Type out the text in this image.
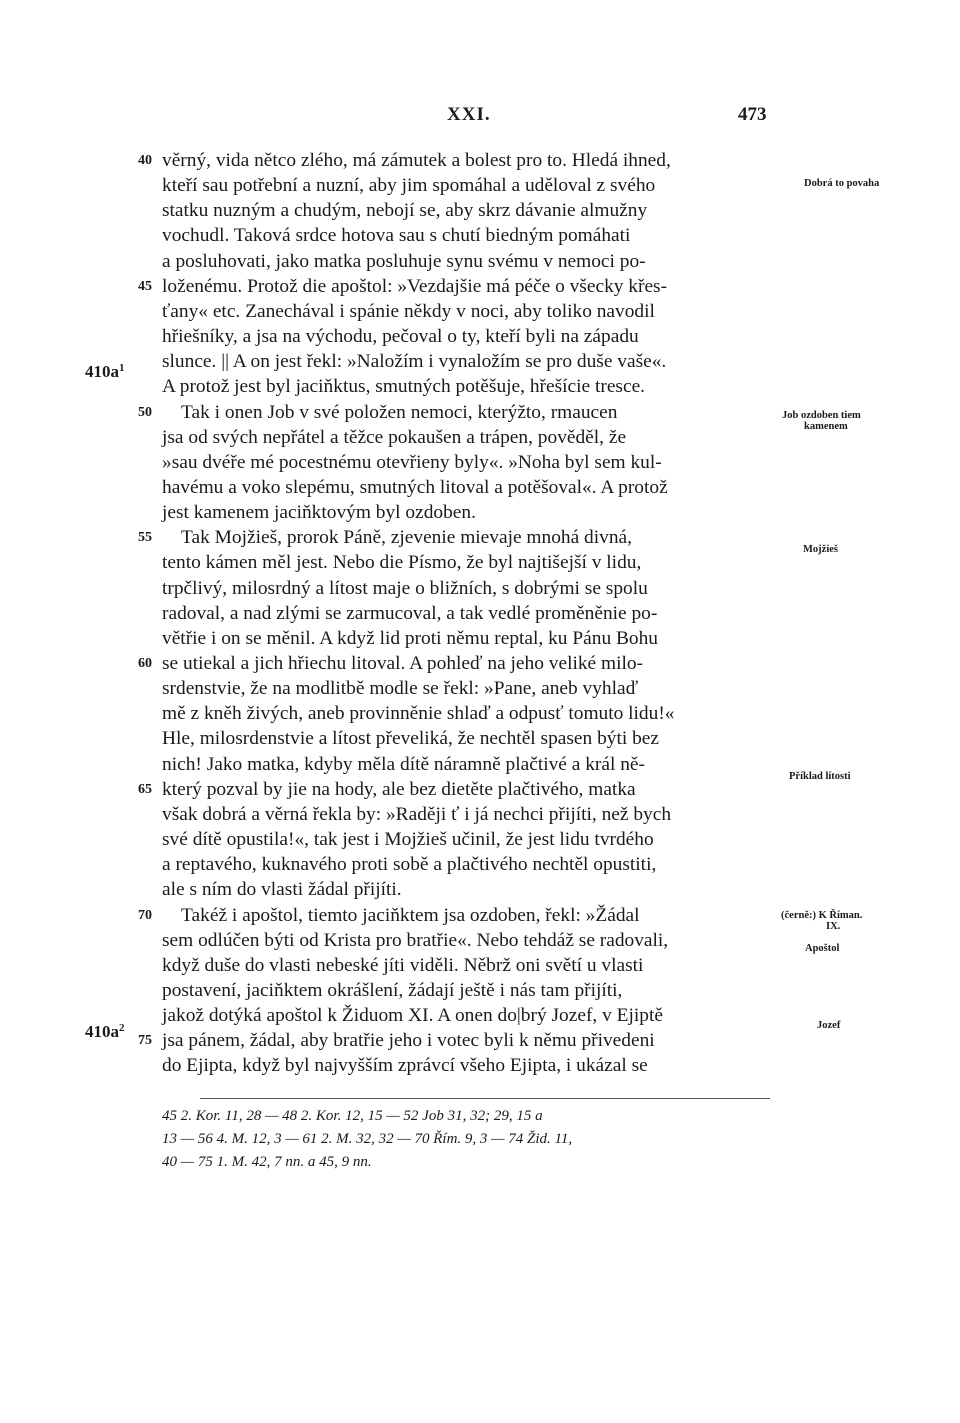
XXI.	473
věrný, vida nětco zlého, má zámutek a bolest pro to. Hledá ihned,
40
kteří sau potřební a nuzní, aby jim spomáhal a uděloval z svého
statku nuzným a chudým, nebojí se, aby skrz dávanie almužny
vochudl. Taková srdce hotova sau s chutí biedným pomáhati
a posluhovati, jako matka posluhuje synu svému v nemoci po-
loženému. Protož die apoštol: »Vezdajšie má péče o všecky křes-
45
ťany« etc. Zanechával i spánie někdy v noci, aby toliko navodil
hřiešníky, a jsa na východu, pečoval o ty, kteří byli na západu
slunce. || A on jest řekl: »Naložím i vynaložím se pro duše vaše«.
A protož jest byl jaciňktus, smutných potěšuje, hřešície tresce.
Tak i onen Job v své položen nemoci, kterýžto, rmaucen
50
jsa od svých nepřátel a těžce pokaušen a trápen, pověděl, že
»sau dvéře mé pocestnému otevřieny byly«. »Noha byl sem kul-
havému a voko slepému, smutných litoval a potěšoval«. A protož
jest kamenem jaciňktovým byl ozdoben.
Tak Mojžieš, prorok Páně, zjevenie mievaje mnohá divná,
55
tento kámen měl jest. Nebo die Písmo, že byl najtišejší v lidu,
trpčlivý, milosrdný a lítost maje o bližních, s dobrými se spolu
radoval, a nad zlými se zarmucoval, a tak vedlé proměněnie po-
větřie i on se měnil. A když lid proti němu reptal, ku Pánu Bohu
se utiekal a jich hřiechu litoval. A pohleď na jeho veliké milo-
60
srdenstvie, že na modlitbě modle se řekl: »Pane, aneb vyhlaď
mě z kněh živých, aneb provinněnie shlaď a odpusť tomuto lidu!«
Hle, milosrdenstvie a lítost převeliká, že nechtěl spasen býti bez
nich! Jako matka, kdyby měla dítě náramně plačtivé a král ně-
který pozval by jie na hody, ale bez dietěte plačtivého, matka
65
však dobrá a věrná řekla by: »Raději ť i já nechci přijíti, než bych
své dítě opustila!«, tak jest i Mojžieš učinil, že jest lidu tvrdého
a reptavého, kuknavého proti sobě a plačtivého nechtěl opustiti,
ale s ním do vlasti žádal přijíti.
Takéž i apoštol, tiemto jaciňktem jsa ozdoben, řekl: »Žádal
70
sem odlúčen býti od Krista pro bratřie«. Nebo tehdáž se radovali,
když duše do vlasti nebeské jíti viděli. Něbrž oni světí u vlasti
postavení, jaciňktem okrášlení, žádají ještě i nás tam přijíti,
jakož dotýká apoštol k Židuom XI. A onen do|brý Jozef, v Ejiptě
jsa pánem, žádal, aby bratřie jeho i votec byli k němu přivedeni
75
do Ejipta, když byl najvyšším zprávcí všeho Ejipta, i ukázal se
$410a^1$
$410a^2$
Dobrá to povaha
Job ozdoben tiem
kamenem
Mojžieš
Příklad lítosti
(černě:) K Říman.
IX.
Apoštol
Jozef
45 2. Kor. 11, 28 — 48 2. Kor. 12, 15 — 52 Job 31, 32; 29, 15 a
13 — 56 4. M. 12, 3 — 61 2. M. 32, 32 — 70 Řím. 9, 3 — 74 Žid. 11,
40 — 75 1. M. 42, 7 nn. a 45, 9 nn.
